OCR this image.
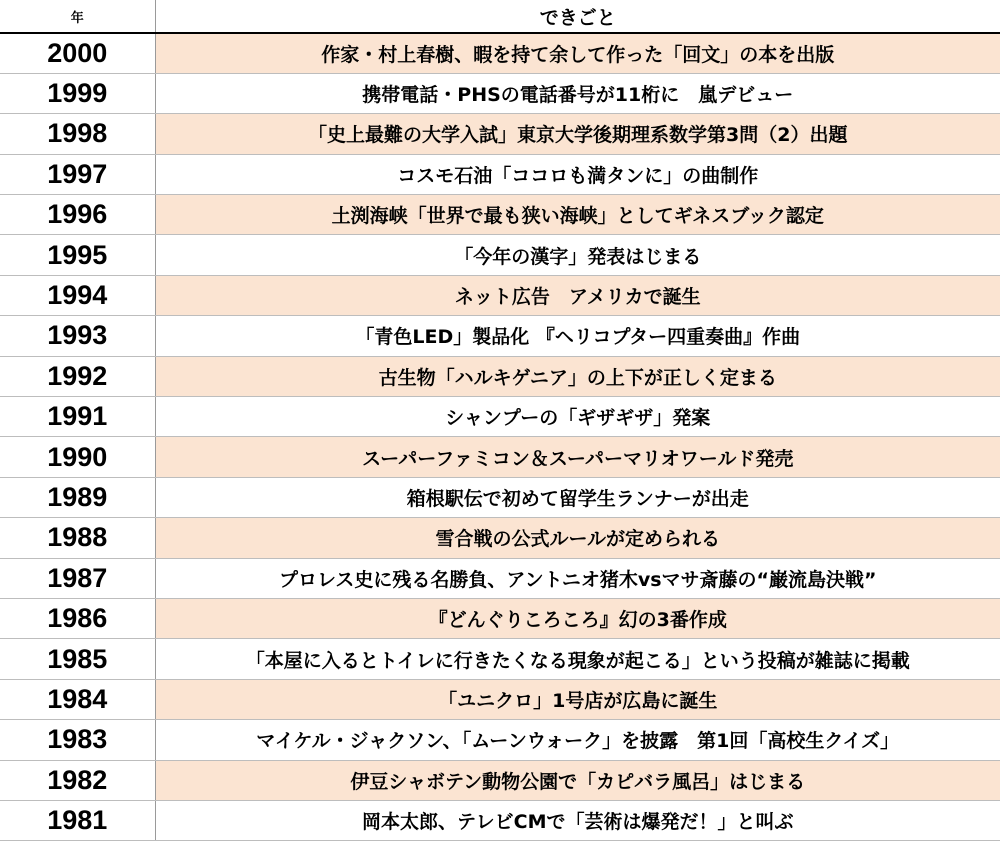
年	できごと
2000	作家・村上春樹、暇を持て余して作った「回文」の本を出版
1999	携帯電話・PHSの電話番号が11桁に　嵐デビュー
1998	「史上最難の大学入試」東京大学後期理系数学第3問（2）出題
1997	コスモ石油「ココロも満タンに」の曲制作
1996	土渕海峡「世界で最も狭い海峡」としてギネスブック認定
1995	「今年の漢字」発表はじまる
1994	ネット広告　アメリカで誕生
1993	「青色LED」製品化 『ヘリコプター四重奏曲』作曲
1992	古生物「ハルキゲニア」の上下が正しく定まる
1991	シャンプーの「ギザギザ」発案
1990	スーパーファミコン＆スーパーマリオワールド発売
1989	箱根駅伝で初めて留学生ランナーが出走
1988	雪合戦の公式ルールが定められる
1987	プロレス史に残る名勝負、アントニオ猪木vsマサ斎藤の“巌流島決戦”
1986	『どんぐりころころ』幻の3番作成
1985	「本屋に入るとトイレに行きたくなる現象が起こる」という投稿が雑誌に掲載
1984	「ユニクロ」1号店が広島に誕生
1983	マイケル・ジャクソン、「ムーンウォーク」を披露　第1回「高校生クイズ」
1982	伊豆シャボテン動物公園で「カピバラ風呂」はじまる
1981	岡本太郎、テレビCMで「芸術は爆発だ！」と叫ぶ
